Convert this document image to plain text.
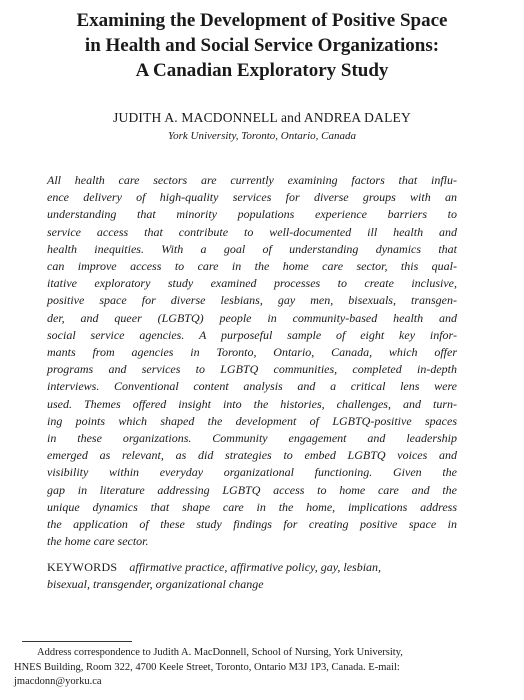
Examining the Development of Positive Space
in Health and Social Service Organizations:
A Canadian Exploratory Study
JUDITH A. MACDONNELL and ANDREA DALEY
York University, Toronto, Ontario, Canada
All health care sectors are currently examining factors that influ-
ence delivery of high-quality services for diverse groups with an
understanding that minority populations experience barriers to
service access that contribute to well-documented ill health and
health inequities. With a goal of understanding dynamics that
can improve access to care in the home care sector, this qual-
itative exploratory study examined processes to create inclusive,
positive space for diverse lesbians, gay men, bisexuals, transgen-
der, and queer (LGBTQ) people in community-based health and
social service agencies. A purposeful sample of eight key infor-
mants from agencies in Toronto, Ontario, Canada, which offer
programs and services to LGBTQ communities, completed in-depth
interviews. Conventional content analysis and a critical lens were
used. Themes offered insight into the histories, challenges, and turn-
ing points which shaped the development of LGBTQ-positive spaces
in these organizations. Community engagement and leadership
emerged as relevant, as did strategies to embed LGBTQ voices and
visibility within everyday organizational functioning. Given the
gap in literature addressing LGBTQ access to home care and the
unique dynamics that shape care in the home, implications address
the application of these study findings for creating positive space in
the home care sector.
KEYWORDS affirmative practice, affirmative policy, gay, lesbian,
bisexual, transgender, organizational change
Address correspondence to Judith A. MacDonnell, School of Nursing, York University,
HNES Building, Room 322, 4700 Keele Street, Toronto, Ontario M3J 1P3, Canada. E-mail:
jmacdonn@yorku.ca
